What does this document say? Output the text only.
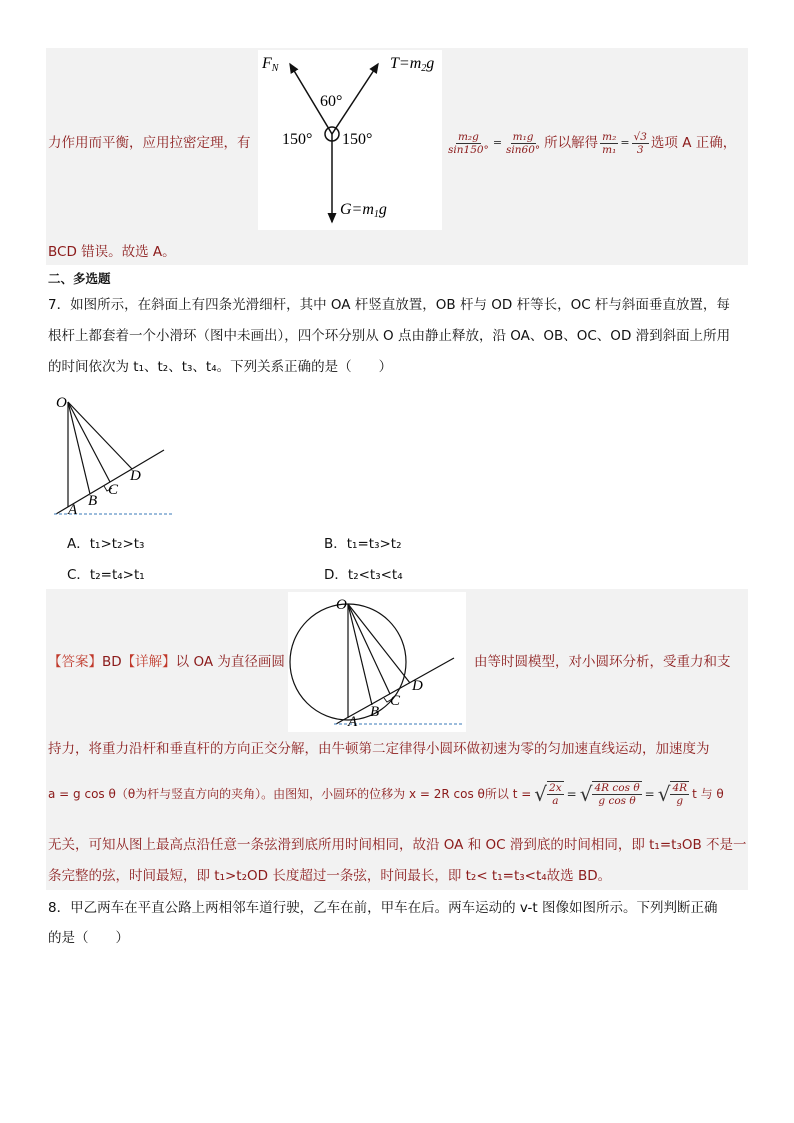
FN	T=m2g
60°
150° 150°
G=m1g
力作用而平衡，应用拉密定理，有	$\frac{\text{m₂g}}{\sin 150^\circ} = \frac{\text{m₁g}}{\sin 60^\circ}$ 所以解得 $\frac{\text{m₂}}{\text{m₁}} = \frac{√3}{3}$ 选项 A 正确，
BCD 错误。故选 A。
二、多选题
7．如图所示，在斜面上有四条光滑细杆，其中 OA 杆竖直放置，OB 杆与 OD 杆等长，OC 杆与斜面垂直放置，每
根杆上都套着一个小滑环（图中未画出），四个环分别从 O 点由静止释放，沿 OA、OB、OC、OD 滑到斜面上所用
的时间依次为 t₁、t₂、t₃、t₄。下列关系正确的是（　　）
O
A
B
C
D
A．t₁>t₂>t₃	B．t₁=t₃>t₂
C．t₂=t₄>t₁	D．t₂<t₃<t₄
O
A
B
C
D
【答案】BD【详解】以 OA 为直径画圆	由等时圆模型，对小圆环分析，受重力和支
持力，将重力沿杆和垂直杆的方向正交分解，由牛顿第二定律得小圆环做初速为零的匀加速直线运动，加速度为
a = g cos θ（θ为杆与竖直方向的夹角）。由图知，小圆环的位移为 x = 2R cos θ所以 t = √ $\frac{2x}{a}$ = √ $\frac{\text{4R cos θ}}{\text{g cos θ}}$ = √ $\frac{4R}{g}$ t 与 θ
无关，可知从图上最高点沿任意一条弦滑到底所用时间相同，故沿 OA 和 OC 滑到底的时间相同，即 t₁=t₃OB 不是一
条完整的弦，时间最短，即 t₁>t₂OD 长度超过一条弦，时间最长，即 t₂< t₁=t₃<t₄故选 BD。
8．甲乙两车在平直公路上两相邻车道行驶，乙车在前，甲车在后。两车运动的 v-t 图像如图所示。下列判断正确
的是（　　）
